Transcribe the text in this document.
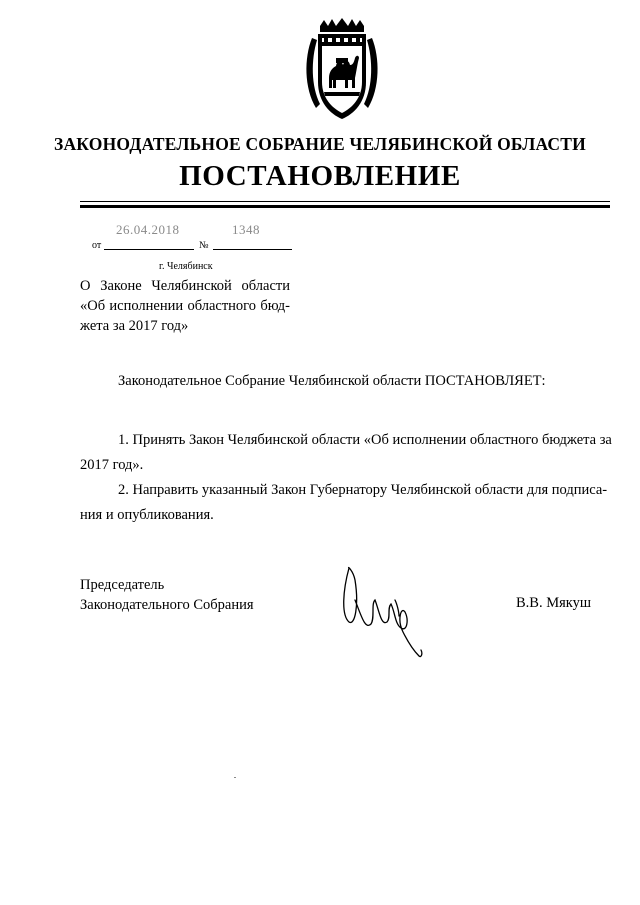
ЗАКОНОДАТЕЛЬНОЕ СОБРАНИЕ ЧЕЛЯБИНСКОЙ ОБЛАСТИ
ПОСТАНОВЛЕНИЕ
26.04.2018	1348
от	№
г. Челябинск
О Законе Челябинской области
«Об исполнении областного бюд-
жета за 2017 год»
Законодательное Собрание Челябинской области ПОСТАНОВЛЯЕТ:
1. Принять Закон Челябинской области «Об исполнении областного бюджета за
2017 год».
2. Направить указанный Закон Губернатору Челябинской области для подписа-
ния и опубликования.
Председатель
Законодательного Собрания	В.В. Мякуш
